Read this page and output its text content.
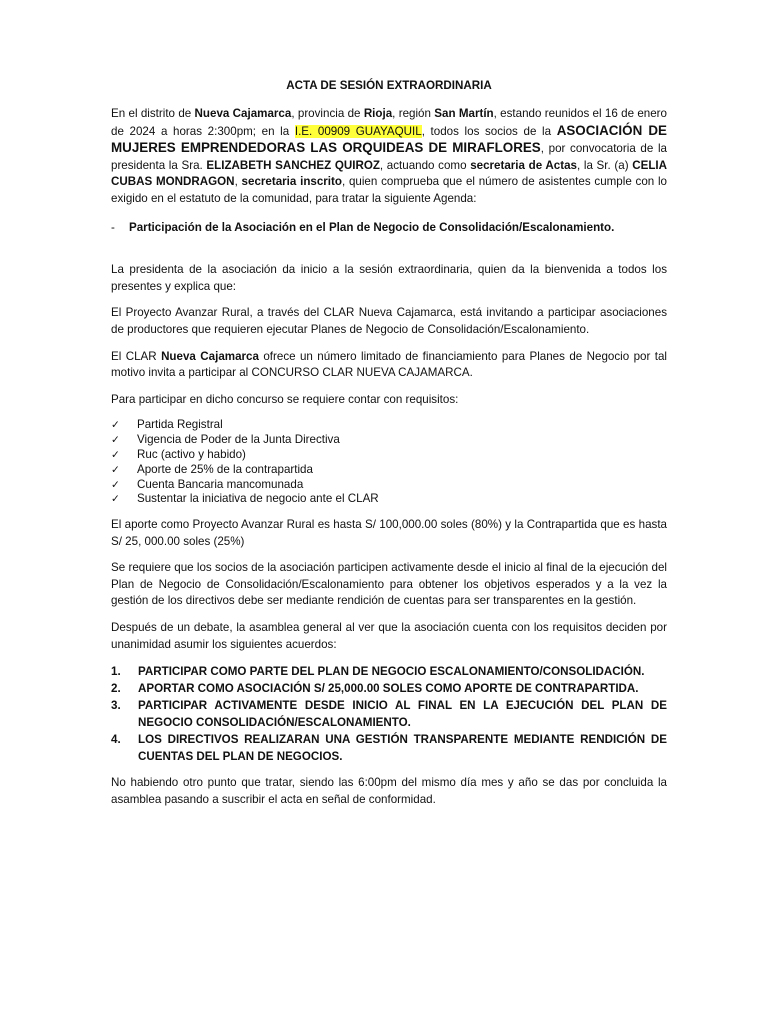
ACTA DE SESIÓN EXTRAORDINARIA

En el distrito de Nueva Cajamarca, provincia de Rioja, región San Martín, estando reunidos el 16 de enero de 2024 a horas 2:300pm; en la I.E. 00909 GUAYAQUIL, todos los socios de la ASOCIACIÓN DE MUJERES EMPRENDEDORAS LAS ORQUIDEAS DE MIRAFLORES, por convocatoria de la presidenta la Sra. ELIZABETH SANCHEZ QUIROZ, actuando como secretaria de Actas, la Sr. (a) CELIA CUBAS MONDRAGON, secretaria inscrito, quien comprueba que el número de asistentes cumple con lo exigido en el estatuto de la comunidad, para tratar la siguiente Agenda:

-	Participación de la Asociación en el Plan de Negocio de Consolidación/Escalonamiento.

La presidenta de la asociación da inicio a la sesión extraordinaria, quien da la bienvenida a todos los presentes y explica que:

El Proyecto Avanzar Rural, a través del CLAR Nueva Cajamarca, está invitando a participar asociaciones de productores que requieren ejecutar Planes de Negocio de Consolidación/Escalonamiento.

El CLAR Nueva Cajamarca ofrece un número limitado de financiamiento para Planes de Negocio por tal motivo invita a participar al CONCURSO CLAR NUEVA CAJAMARCA.

Para participar en dicho concurso se requiere contar con requisitos:

✓	Partida Registral
✓	Vigencia de Poder de la Junta Directiva
✓	Ruc (activo y habido)
✓	Aporte de 25% de la contrapartida
✓	Cuenta Bancaria mancomunada
✓	Sustentar la iniciativa de negocio ante el CLAR

El aporte como Proyecto Avanzar Rural es hasta S/ 100,000.00 soles (80%) y la Contrapartida que es hasta S/ 25, 000.00 soles (25%)

Se requiere que los socios de la asociación participen activamente desde el inicio al final de la ejecución del Plan de Negocio de Consolidación/Escalonamiento para obtener los objetivos esperados y a la vez la gestión de los directivos debe ser mediante rendición de cuentas para ser transparentes en la gestión.

Después de un debate, la asamblea general al ver que la asociación cuenta con los requisitos deciden por unanimidad asumir los siguientes acuerdos:

1.	PARTICIPAR COMO PARTE DEL PLAN DE NEGOCIO ESCALONAMIENTO/CONSOLIDACIÓN.
2.	APORTAR COMO ASOCIACIÓN S/ 25,000.00 SOLES COMO APORTE DE CONTRAPARTIDA.
3.	PARTICIPAR ACTIVAMENTE DESDE INICIO AL FINAL EN LA EJECUCIÓN DEL PLAN DE NEGOCIO CONSOLIDACIÓN/ESCALONAMIENTO.
4.	LOS DIRECTIVOS REALIZARAN UNA GESTIÓN TRANSPARENTE MEDIANTE RENDICIÓN DE CUENTAS DEL PLAN DE NEGOCIOS.

No habiendo otro punto que tratar, siendo las 6:00pm del mismo día mes y año se das por concluida la asamblea pasando a suscribir el acta en señal de conformidad.
